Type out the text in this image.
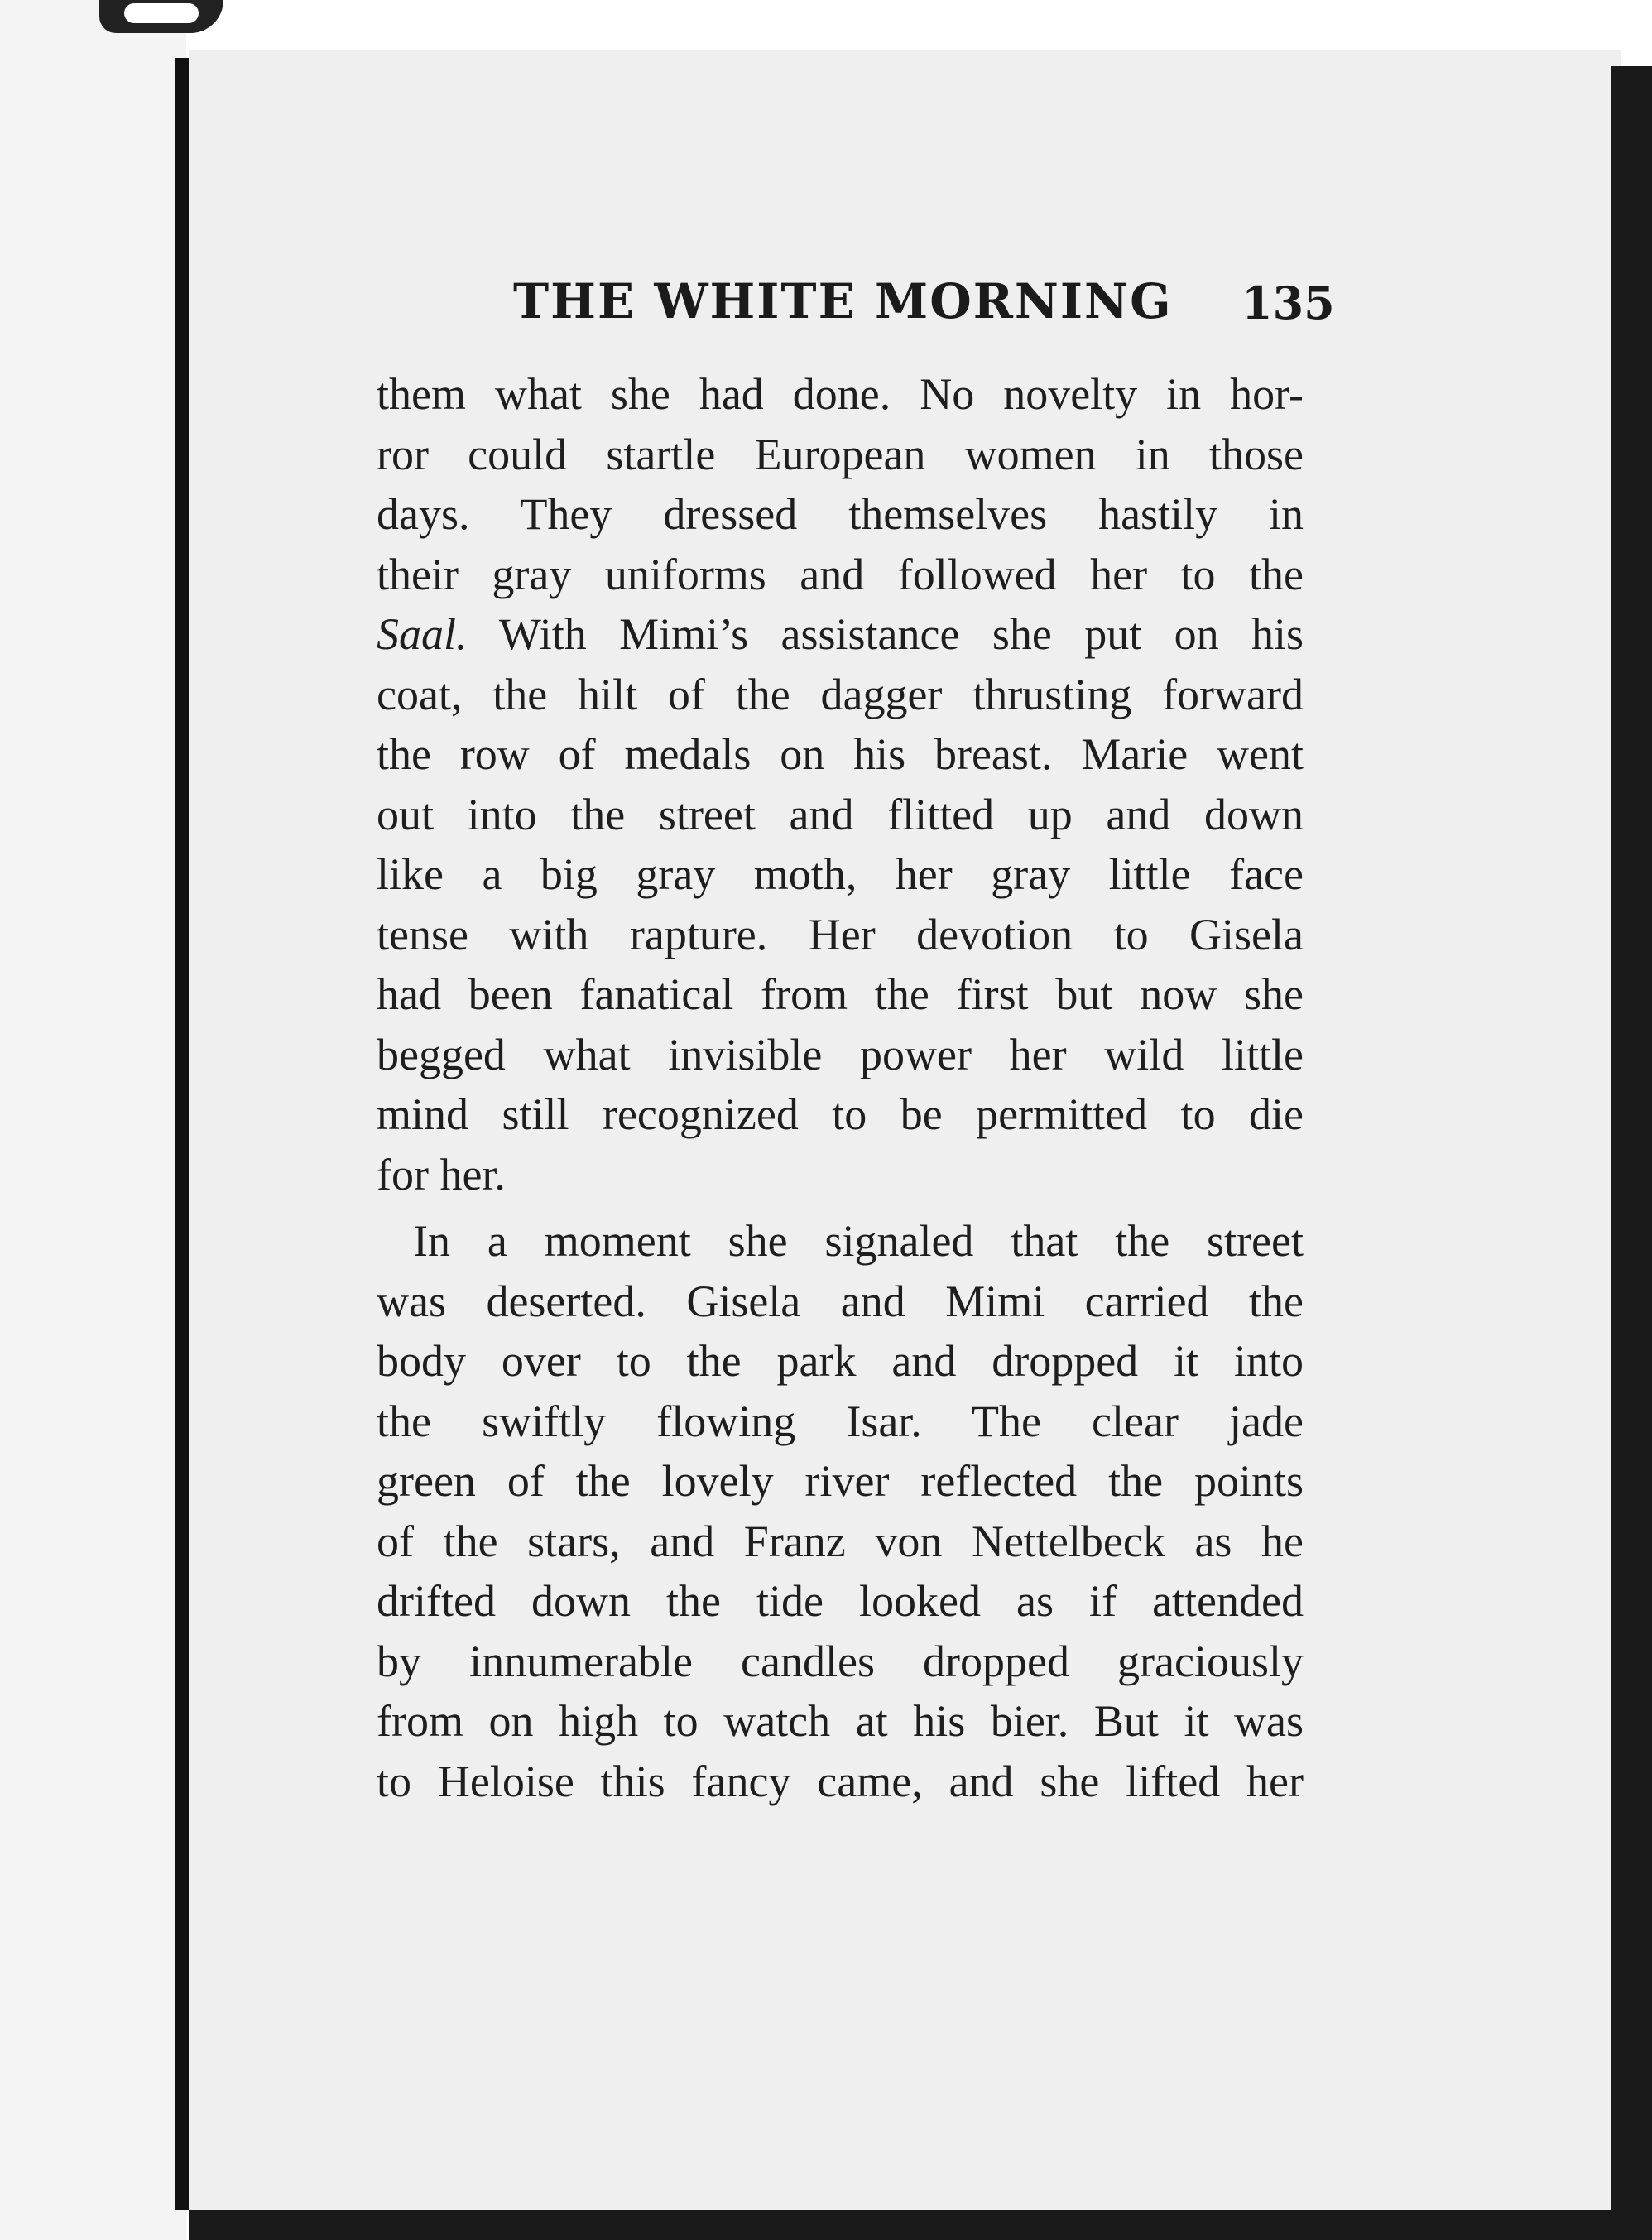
THE WHITE MORNING 135
them what she had done. No novelty in hor-
ror could startle European women in those
days. They dressed themselves hastily in
their gray uniforms and followed her to the
Saal. With Mimi’s assistance she put on his
coat, the hilt of the dagger thrusting forward
the row of medals on his breast. Marie went
out into the street and flitted up and down
like a big gray moth, her gray little face
tense with rapture. Her devotion to Gisela
had been fanatical from the first but now she
begged what invisible power her wild little
mind still recognized to be permitted to die
for her.
In a moment she signaled that the street
was deserted. Gisela and Mimi carried the
body over to the park and dropped it into
the swiftly flowing Isar. The clear jade
green of the lovely river reflected the points
of the stars, and Franz von Nettelbeck as he
drifted down the tide looked as if attended
by innumerable candles dropped graciously
from on high to watch at his bier. But it was
to Heloise this fancy came, and she lifted her
